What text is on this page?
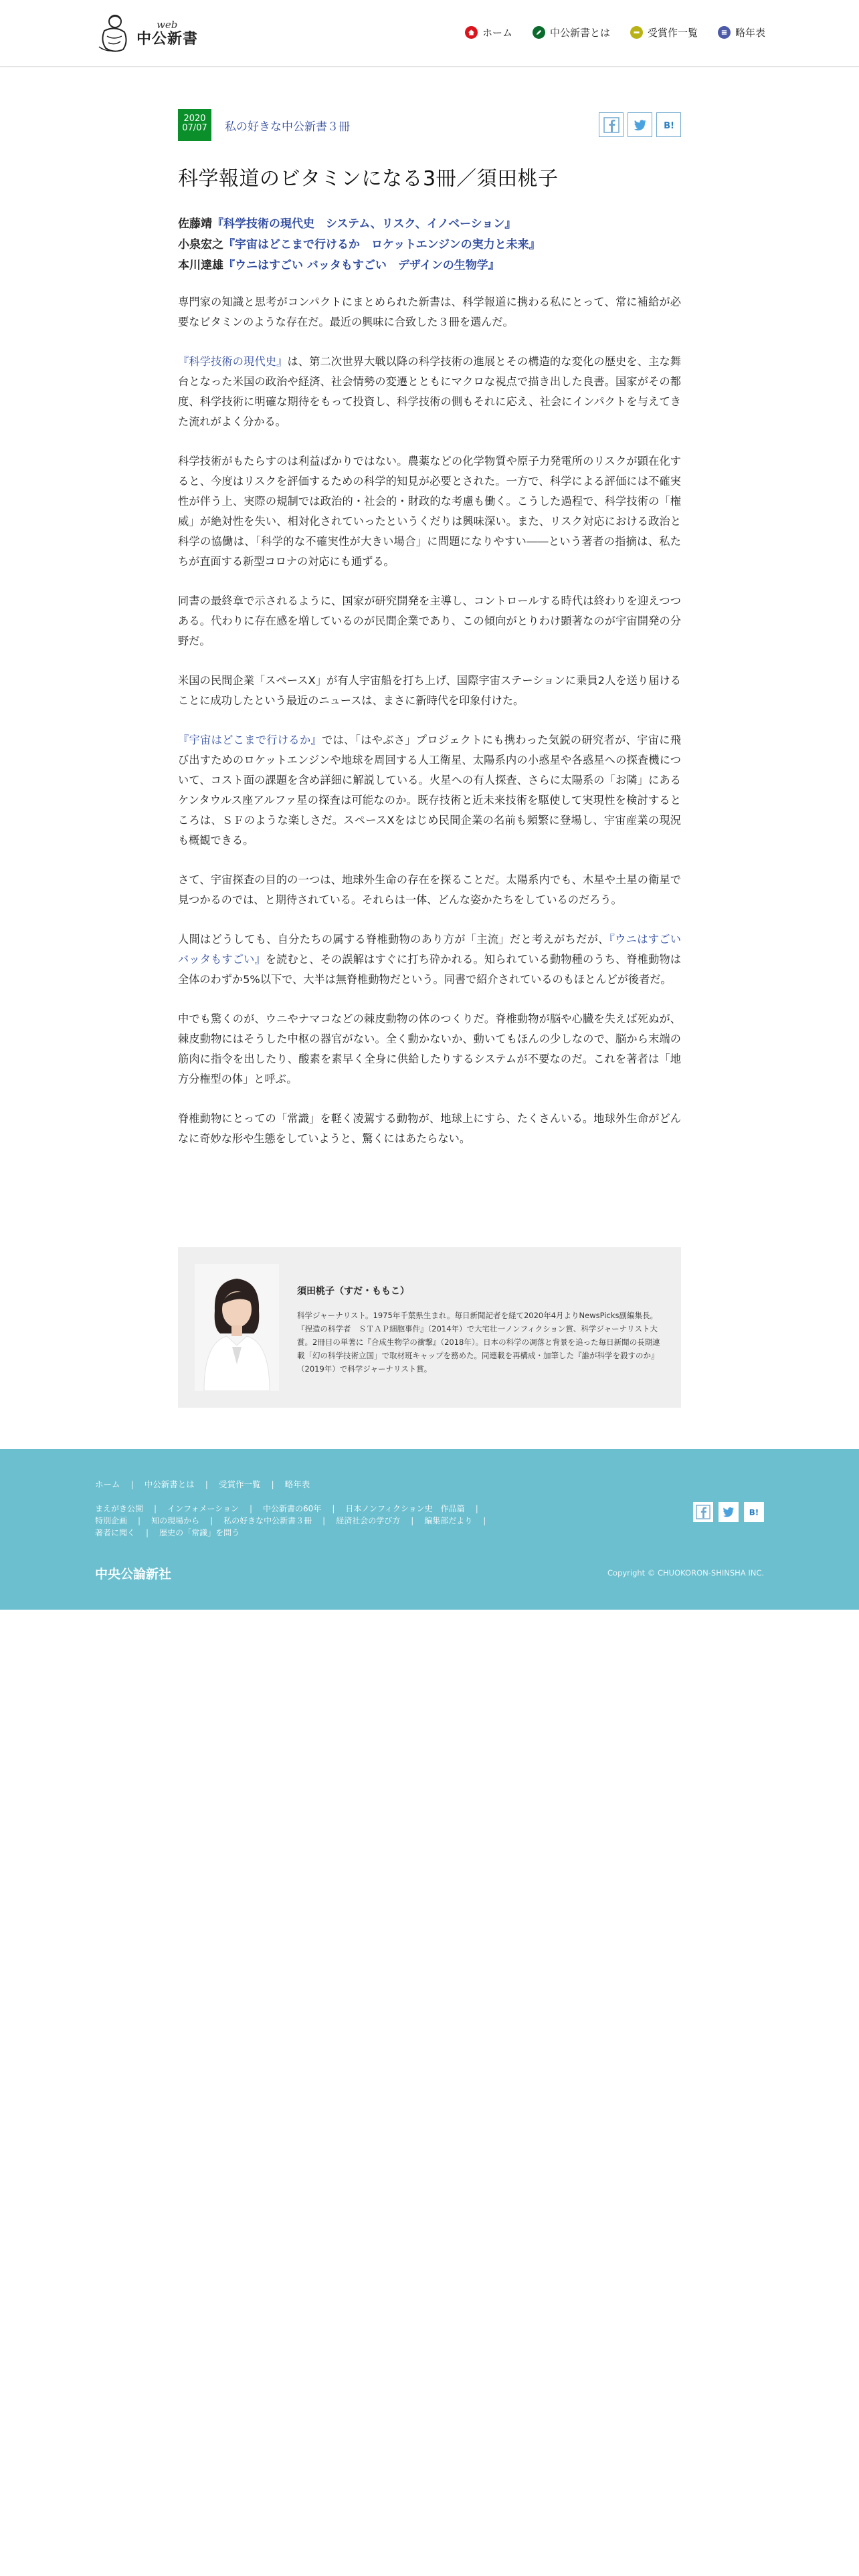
web
中公新書	ホーム	中公新書とは	受賞作一覧	略年表
2020
07/07	私の好きな中公新書３冊	B!
科学報道のビタミンになる3冊／須田桃子
佐藤靖『科学技術の現代史　システム、リスク、イノベーション』
小泉宏之『宇宙はどこまで行けるか　ロケットエンジンの実力と未来』
本川達雄『ウニはすごい バッタもすごい　デザインの生物学』

専門家の知識と思考がコンパクトにまとめられた新書は、科学報道に携わる私にとって、常に補給が必要なビタミンのような存在だ。最近の興味に合致した３冊を選んだ。

『科学技術の現代史』は、第二次世界大戦以降の科学技術の進展とその構造的な変化の歴史を、主な舞台となった米国の政治や経済、社会情勢の変遷とともにマクロな視点で描き出した良書。国家がその都度、科学技術に明確な期待をもって投資し、科学技術の側もそれに応え、社会にインパクトを与えてきた流れがよく分かる。

科学技術がもたらすのは利益ばかりではない。農薬などの化学物質や原子力発電所のリスクが顕在化すると、今度はリスクを評価するための科学的知見が必要とされた。一方で、科学による評価には不確実性が伴う上、実際の規制では政治的・社会的・財政的な考慮も働く。こうした過程で、科学技術の「権威」が絶対性を失い、相対化されていったというくだりは興味深い。また、リスク対応における政治と科学の協働は、「科学的な不確実性が大きい場合」に問題になりやすい――という著者の指摘は、私たちが直面する新型コロナの対応にも通ずる。

同書の最終章で示されるように、国家が研究開発を主導し、コントロールする時代は終わりを迎えつつある。代わりに存在感を増しているのが民間企業であり、この傾向がとりわけ顕著なのが宇宙開発の分野だ。

米国の民間企業「スペースX」が有人宇宙船を打ち上げ、国際宇宙ステーションに乗員2人を送り届けることに成功したという最近のニュースは、まさに新時代を印象付けた。

『宇宙はどこまで行けるか』では、「はやぶさ」プロジェクトにも携わった気鋭の研究者が、宇宙に飛び出すためのロケットエンジンや地球を周回する人工衛星、太陽系内の小惑星や各惑星への探査機について、コスト面の課題を含め詳細に解説している。火星への有人探査、さらに太陽系の「お隣」にあるケンタウルス座アルファ星の探査は可能なのか。既存技術と近未来技術を駆使して実現性を検討するところは、ＳＦのような楽しさだ。スペースXをはじめ民間企業の名前も頻繁に登場し、宇宙産業の現況も概観できる。

さて、宇宙探査の目的の一つは、地球外生命の存在を探ることだ。太陽系内でも、木星や土星の衛星で見つかるのでは、と期待されている。それらは一体、どんな姿かたちをしているのだろう。

人間はどうしても、自分たちの属する脊椎動物のあり方が「主流」だと考えがちだが、『ウニはすごい バッタもすごい』を読むと、その誤解はすぐに打ち砕かれる。知られている動物種のうち、脊椎動物は全体のわずか5%以下で、大半は無脊椎動物だという。同書で紹介されているのもほとんどが後者だ。

中でも驚くのが、ウニやナマコなどの棘皮動物の体のつくりだ。脊椎動物が脳や心臓を失えば死ぬが、棘皮動物にはそうした中枢の器官がない。全く動かないか、動いてもほんの少しなので、脳から末端の筋肉に指令を出したり、酸素を素早く全身に供給したりするシステムが不要なのだ。これを著者は「地方分権型の体」と呼ぶ。

脊椎動物にとっての「常識」を軽く凌駕する動物が、地球上にすら、たくさんいる。地球外生命がどんなに奇妙な形や生態をしていようと、驚くにはあたらない。

須田桃子（すだ・ももこ）
科学ジャーナリスト。1975年千葉県生まれ。毎日新聞記者を経て2020年4月よりNewsPicks副編集長。『捏造の科学者　ＳＴＡＰ細胞事件』（2014年）で大宅壮一ノンフィクション賞、科学ジャーナリスト大賞。2冊目の単著に『合成生物学の衝撃』（2018年）。日本の科学の凋落と背景を追った毎日新聞の長期連載「幻の科学技術立国」で取材班キャップを務めた。同連載を再構成・加筆した『誰が科学を殺すのか』（2019年）で科学ジャーナリスト賞。
ホーム | 中公新書とは | 受賞作一覧 | 略年表
まえがき公開 | インフォメーション | 中公新書の60年 | 日本ノンフィクション史　作品篇 |
特別企画 | 知の現場から | 私の好きな中公新書３冊 | 経済社会の学び方 | 編集部だより |
著者に聞く | 歴史の「常識」を問う
B!
中央公論新社	Copyright © CHUOKORON-SHINSHA INC.
